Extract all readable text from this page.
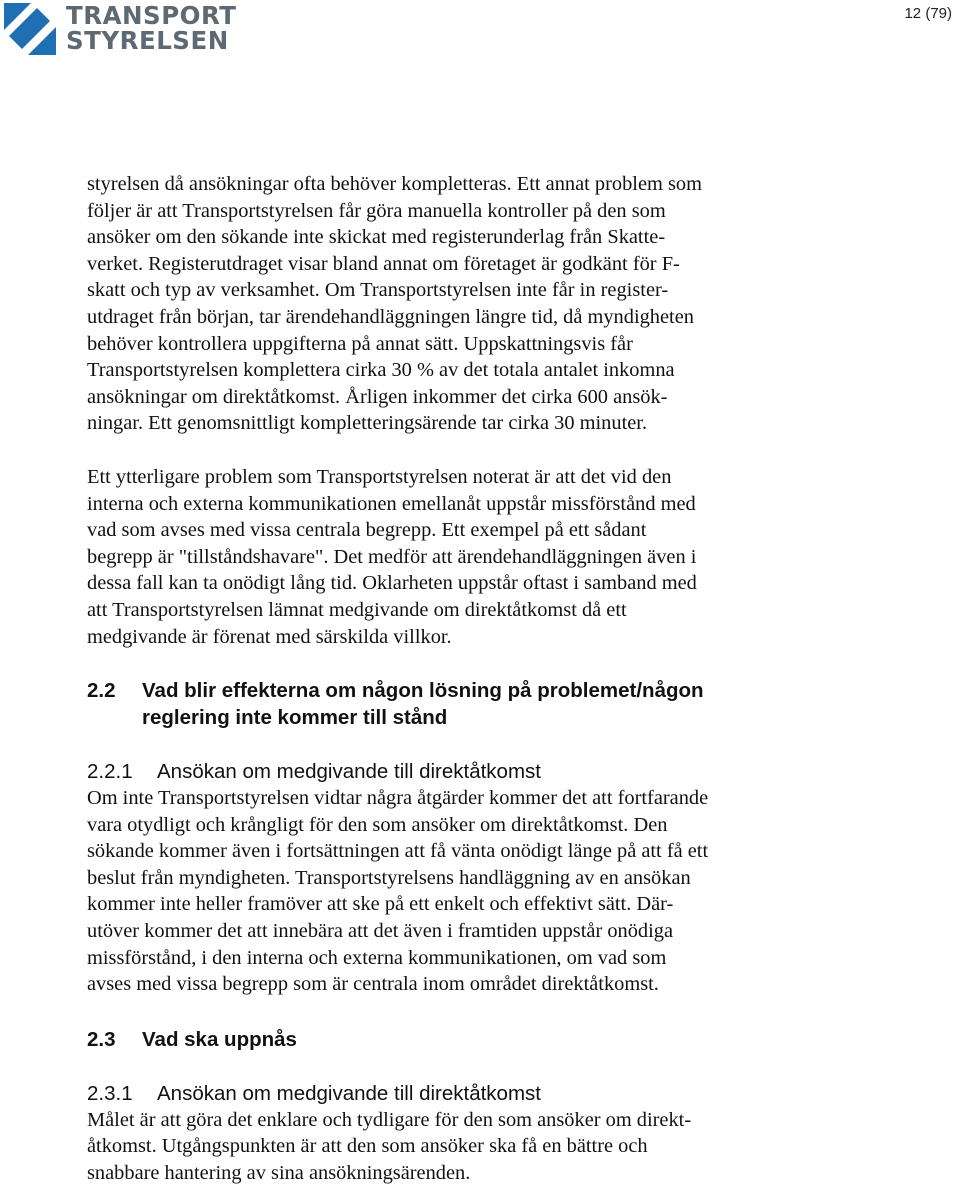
TRANSPORT
STYRELSEN
12 (79)

styrelsen då ansökningar ofta behöver kompletteras. Ett annat problem som
följer är att Transportstyrelsen får göra manuella kontroller på den som
ansöker om den sökande inte skickat med registerunderlag från Skatte-
verket. Registerutdraget visar bland annat om företaget är godkänt för F-
skatt och typ av verksamhet. Om Transportstyrelsen inte får in register-
utdraget från början, tar ärendehandläggningen längre tid, då myndigheten
behöver kontrollera uppgifterna på annat sätt. Uppskattningsvis får
Transportstyrelsen komplettera cirka 30 % av det totala antalet inkomna
ansökningar om direktåtkomst. Årligen inkommer det cirka 600 ansök-
ningar. Ett genomsnittligt kompletteringsärende tar cirka 30 minuter.

Ett ytterligare problem som Transportstyrelsen noterat är att det vid den
interna och externa kommunikationen emellanåt uppstår missförstånd med
vad som avses med vissa centrala begrepp. Ett exempel på ett sådant
begrepp är "tillståndshavare". Det medför att ärendehandläggningen även i
dessa fall kan ta onödigt lång tid. Oklarheten uppstår oftast i samband med
att Transportstyrelsen lämnat medgivande om direktåtkomst då ett
medgivande är förenat med särskilda villkor.

2.2	Vad blir effekterna om någon lösning på problemet/någon
reglering inte kommer till stånd
2.2.1 Ansökan om medgivande till direktåtkomst

Om inte Transportstyrelsen vidtar några åtgärder kommer det att fortfarande
vara otydligt och krångligt för den som ansöker om direktåtkomst. Den
sökande kommer även i fortsättningen att få vänta onödigt länge på att få ett
beslut från myndigheten. Transportstyrelsens handläggning av en ansökan
kommer inte heller framöver att ske på ett enkelt och effektivt sätt. Där-
utöver kommer det att innebära att det även i framtiden uppstår onödiga
missförstånd, i den interna och externa kommunikationen, om vad som
avses med vissa begrepp som är centrala inom området direktåtkomst.

2.3	Vad ska uppnås
2.3.1 Ansökan om medgivande till direktåtkomst

Målet är att göra det enklare och tydligare för den som ansöker om direkt-
åtkomst. Utgångspunkten är att den som ansöker ska få en bättre och
snabbare hantering av sina ansökningsärenden.
